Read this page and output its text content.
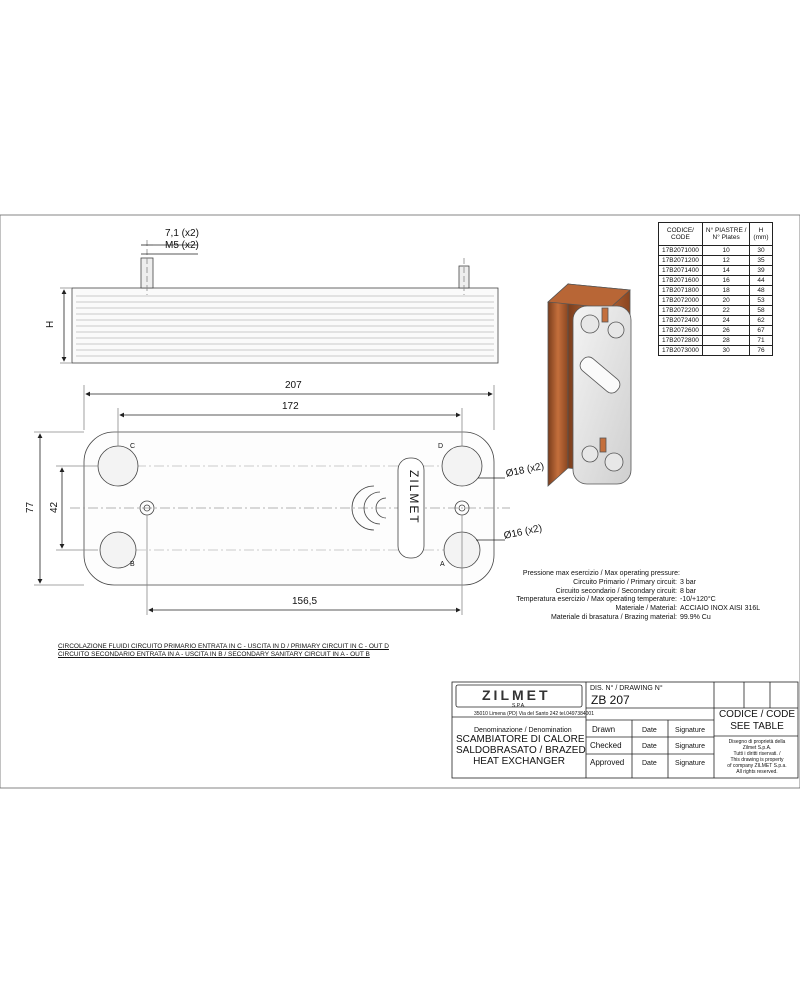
7,1 (x2)
M5 (x2)
H
207
172
77 42
156,5
Ø18 (x2)
Ø16 (x2)
C	D
B	A
ZILMET
CODICE/
CODE	N° PIASTRE /
N° Plates	H
(mm)
17B2071000	10	30
17B2071200	12	35
17B2071400	14	39
17B2071600	16	44
17B2071800	18	48
17B2072000	20	53
17B2072200	22	58
17B2072400	24	62
17B2072600	26	67
17B2072800	28	71
17B2073000	30	76
Pressione max esercizio / Max operating pressure:
Circuito Primario / Primary circuit: 3 bar
Circuito secondario / Secondary circuit: 8 bar
Temperatura esercizio / Max operating temperature: -10/+120°C
Materiale / Material: ACCIAIO INOX AISI 316L
Materiale di brasatura / Brazing material: 99.9% Cu
CIRCOLAZIONE FLUIDI CIRCUITO PRIMARIO ENTRATA IN C - USCITA IN D / PRIMARY CIRCUIT IN C - OUT D
CIRCUITO SECONDARIO ENTRATA IN A - USCITA IN B / SECONDARY SANITARY CIRCUIT IN A - OUT B
ZILMET
S.P.A.
35010 Limena (PD) Via del Santo 242 tel.0497384001
DIS. N° / DRAWING N°
ZB 207
Denominazione / Denomination
SCAMBIATORE DI CALORE
SALDOBRASATO / BRAZED
HEAT EXCHANGER
Drawn	Date	Signature
Checked	Date	Signature
Approved	Date	Signature
CODICE / CODE
SEE TABLE
Disegno di proprietà della
Zilmet S.p.A.
Tutti i diritti riservati. /
This drawing is property
of company ZILMET S.p.a.
All rights reserved.
